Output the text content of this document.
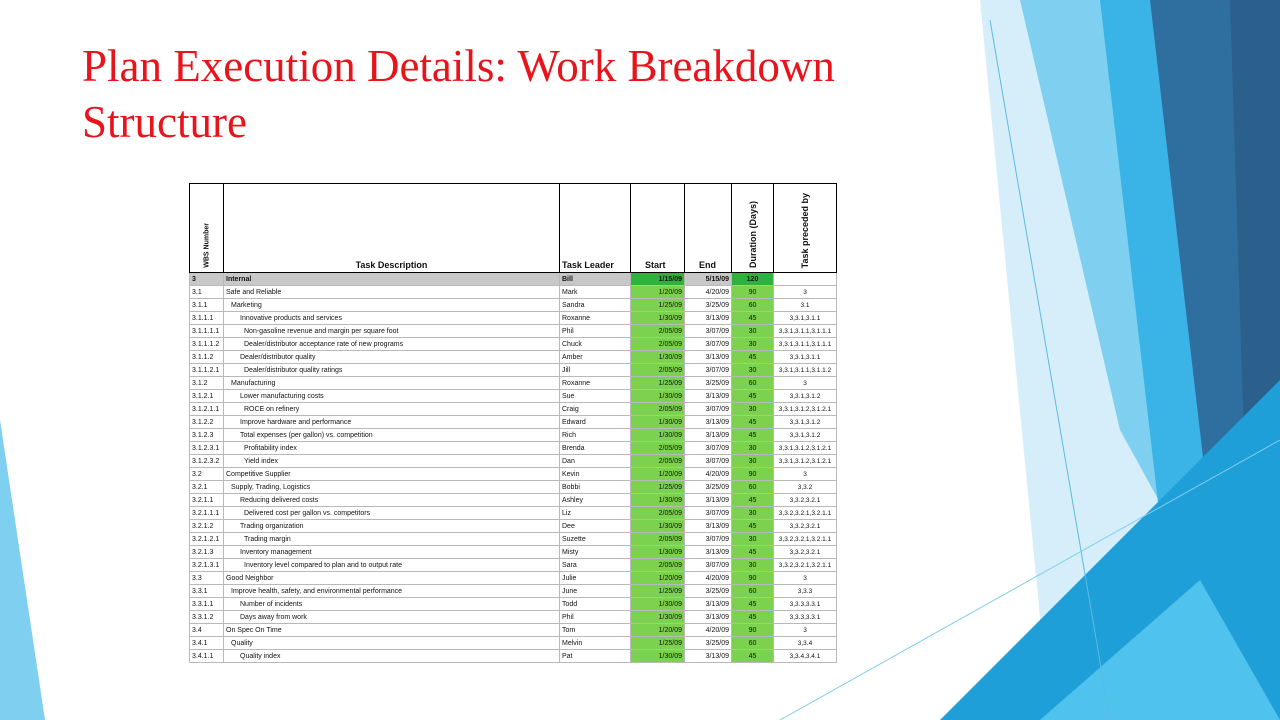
Plan Execution Details: Work Breakdown Structure
WBS Number	Task Description	Task Leader	Start	End	Duration (Days)	Task preceded by

3	Internal	Bill	1/15/09	5/15/09	120	
3.1	Safe and Reliable	Mark	1/20/09	4/20/09	90	3
3.1.1	Marketing	Sandra	1/25/09	3/25/09	60	3.1
3.1.1.1	Innovative products and services	Roxanne	1/30/09	3/13/09	45	3,3.1,3.1.1
3.1.1.1.1	Non-gasoline revenue and margin per square foot	Phil	2/05/09	3/07/09	30	3,3.1,3.1.1,3.1.1.1
3.1.1.1.2	Dealer/distributor acceptance rate of new programs	Chuck	2/05/09	3/07/09	30	3,3.1,3.1.1,3.1.1.1
3.1.1.2	Dealer/distributor quality	Amber	1/30/09	3/13/09	45	3,3.1,3.1.1
3.1.1.2.1	Dealer/distributor quality ratings	Jill	2/05/09	3/07/09	30	3,3.1,3.1.1,3.1.1.2
3.1.2	Manufacturing	Roxanne	1/25/09	3/25/09	60	3
3.1.2.1	Lower manufacturing costs	Sue	1/30/09	3/13/09	45	3,3.1,3.1.2
3.1.2.1.1	ROCE on refinery	Craig	2/05/09	3/07/09	30	3,3.1,3.1.2,3.1.2.1
3.1.2.2	Improve hardware and performance	Edward	1/30/09	3/13/09	45	3,3.1,3.1.2
3.1.2.3	Total expenses (per gallon) vs. competition	Rich	1/30/09	3/13/09	45	3,3.1,3.1.2
3.1.2.3.1	Profitability index	Brenda	2/05/09	3/07/09	30	3,3.1,3.1.2,3.1.2.1
3.1.2.3.2	Yield index	Dan	2/05/09	3/07/09	30	3,3.1,3.1.2,3.1.2.1
3.2	Competitive Supplier	Kevin	1/20/09	4/20/09	90	3
3.2.1	Supply, Trading, Logistics	Bobbi	1/25/09	3/25/09	60	3,3.2
3.2.1.1	Reducing delivered costs	Ashley	1/30/09	3/13/09	45	3,3.2,3.2.1
3.2.1.1.1	Delivered cost per gallon vs. competitors	Liz	2/05/09	3/07/09	30	3,3.2,3.2.1,3.2.1.1
3.2.1.2	Trading organization	Dee	1/30/09	3/13/09	45	3,3.2,3.2.1
3.2.1.2.1	Trading margin	Suzette	2/05/09	3/07/09	30	3,3.2,3.2.1,3.2.1.1
3.2.1.3	Inventory management	Misty	1/30/09	3/13/09	45	3,3.2,3.2.1
3.2.1.3.1	Inventory level compared to plan and to output rate	Sara	2/05/09	3/07/09	30	3,3.2,3.2.1,3.2.1.1
3.3	Good Neighbor	Julie	1/20/09	4/20/09	90	3
3.3.1	Improve health, safety, and environmental performance	June	1/25/09	3/25/09	60	3,3.3
3.3.1.1	Number of incidents	Todd	1/30/09	3/13/09	45	3,3.3,3.3.1
3.3.1.2	Days away from work	Phil	1/30/09	3/13/09	45	3,3.3,3.3.1
3.4	On Spec On Time	Tom	1/20/09	4/20/09	90	3
3.4.1	Quality	Melvin	1/25/09	3/25/09	60	3,3.4
3.4.1.1	Quality index	Pat	1/30/09	3/13/09	45	3,3.4,3.4.1
